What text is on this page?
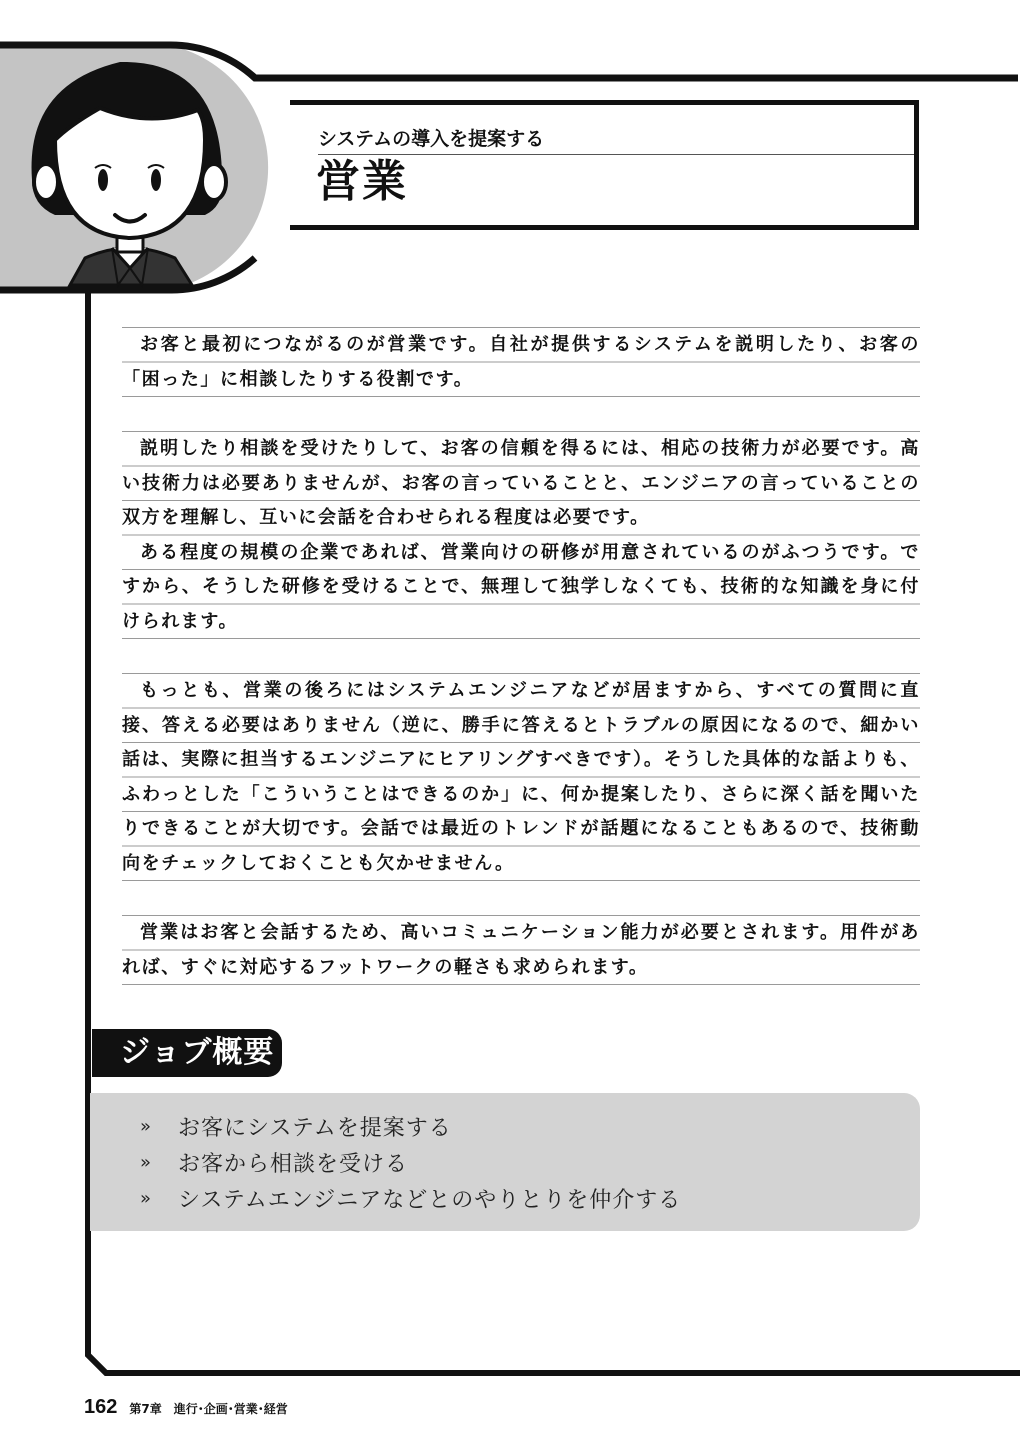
システムの導入を提案する
営業

お客と最初につながるのが営業です。自社が提供するシステムを説明したり、お客の「困った」に相談したりする役割です。

説明したり相談を受けたりして、お客の信頼を得るには、相応の技術力が必要です。高い技術力は必要ありませんが、お客の言っていることと、エンジニアの言っていることの双方を理解し、互いに会話を合わせられる程度は必要です。

ある程度の規模の企業であれば、営業向けの研修が用意されているのがふつうです。ですから、そうした研修を受けることで、無理して独学しなくても、技術的な知識を身に付けられます。

もっとも、営業の後ろにはシステムエンジニアなどが居ますから、すべての質問に直接、答える必要はありません（逆に、勝手に答えるとトラブルの原因になるので、細かい話は、実際に担当するエンジニアにヒアリングすべきです）。そうした具体的な話よりも、ふわっとした「こういうことはできるのか」に、何か提案したり、さらに深く話を聞いたりできることが大切です。会話では最近のトレンドが話題になることもあるので、技術動向をチェックしておくことも欠かせません。

営業はお客と会話するため、高いコミュニケーション能力が必要とされます。用件があれば、すぐに対応するフットワークの軽さも求められます。

ジョブ概要
»	お客にシステムを提案する
»	お客から相談を受ける
»	システムエンジニアなどとのやりとりを仲介する
162 第7章 進行･企画･営業･経営
